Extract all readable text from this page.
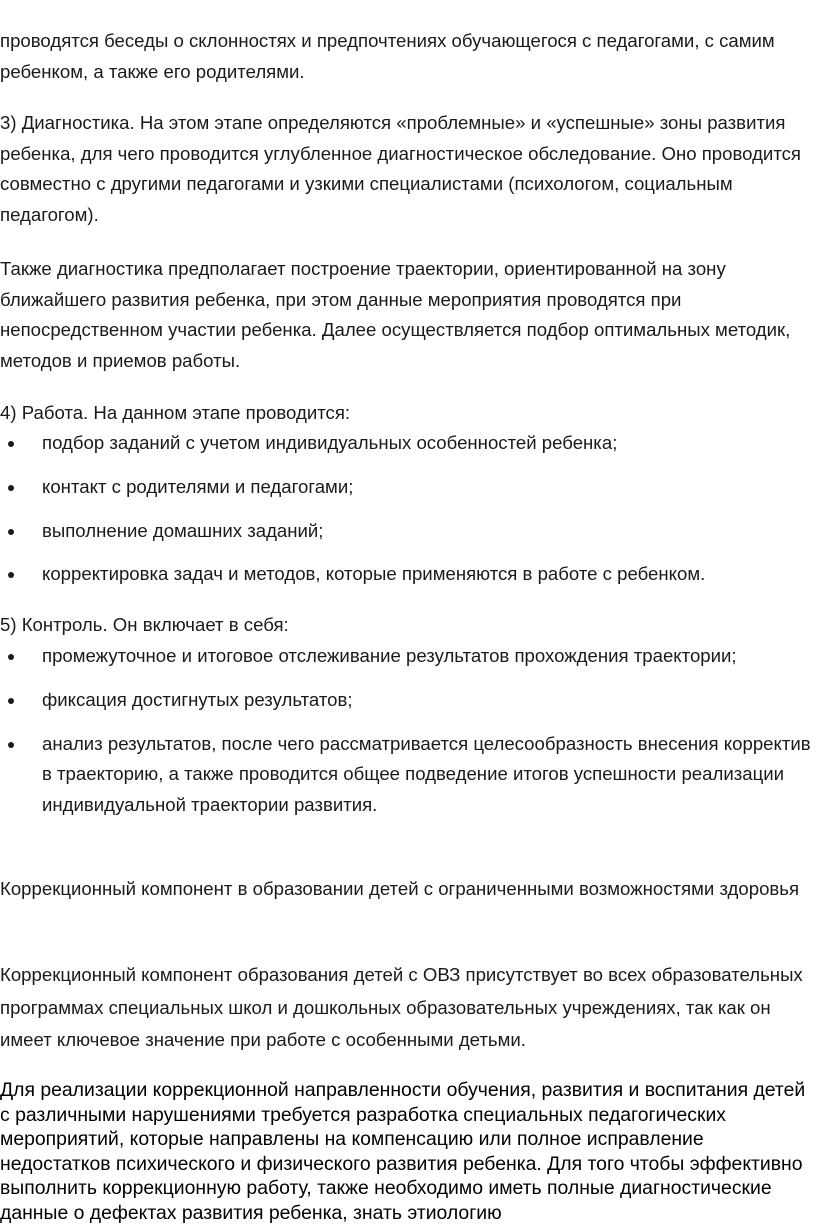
проводятся беседы о склонностях и предпочтениях обучающегося с педагогами, с самим ребенком, а также его родителями.

3) Диагностика. На этом этапе определяются «проблемные» и «успешные» зоны развития ребенка, для чего проводится углубленное диагностическое обследование. Оно проводится совместно с другими педагогами и узкими специалистами (психологом, социальным педагогом).

Также диагностика предполагает построение траектории, ориентированной на зону ближайшего развития ребенка, при этом данные мероприятия проводятся при непосредственном участии ребенка. Далее осуществляется подбор оптимальных методик, методов и приемов работы.

4) Работа. На данном этапе проводится:

подбор заданий с учетом индивидуальных особенностей ребенка;
контакт с родителями и педагогами;
выполнение домашних заданий;
корректировка задач и методов, которые применяются в работе с ребенком.

5) Контроль. Он включает в себя:

промежуточное и итоговое отслеживание результатов прохождения траектории;
фиксация достигнутых результатов;
анализ результатов, после чего рассматривается целесообразность внесения корректив в траекторию, а также проводится общее подведение итогов успешности реализации индивидуальной траектории развития.

Коррекционный компонент в образовании детей с ограниченными возможностями здоровья

Коррекционный компонент образования детей с ОВЗ присутствует во всех образовательных программах специальных школ и дошкольных образовательных учреждениях, так как он имеет ключевое значение при работе с особенными детьми.

Для реализации коррекционной направленности обучения, развития и воспитания детей с различными нарушениями требуется разработка специальных педагогических мероприятий, которые направлены на компенсацию или полное исправление недостатков психического и физического развития ребенка. Для того чтобы эффективно выполнить коррекционную работу, также необходимо иметь полные диагностические данные о дефектах развития ребенка, знать этиологию
